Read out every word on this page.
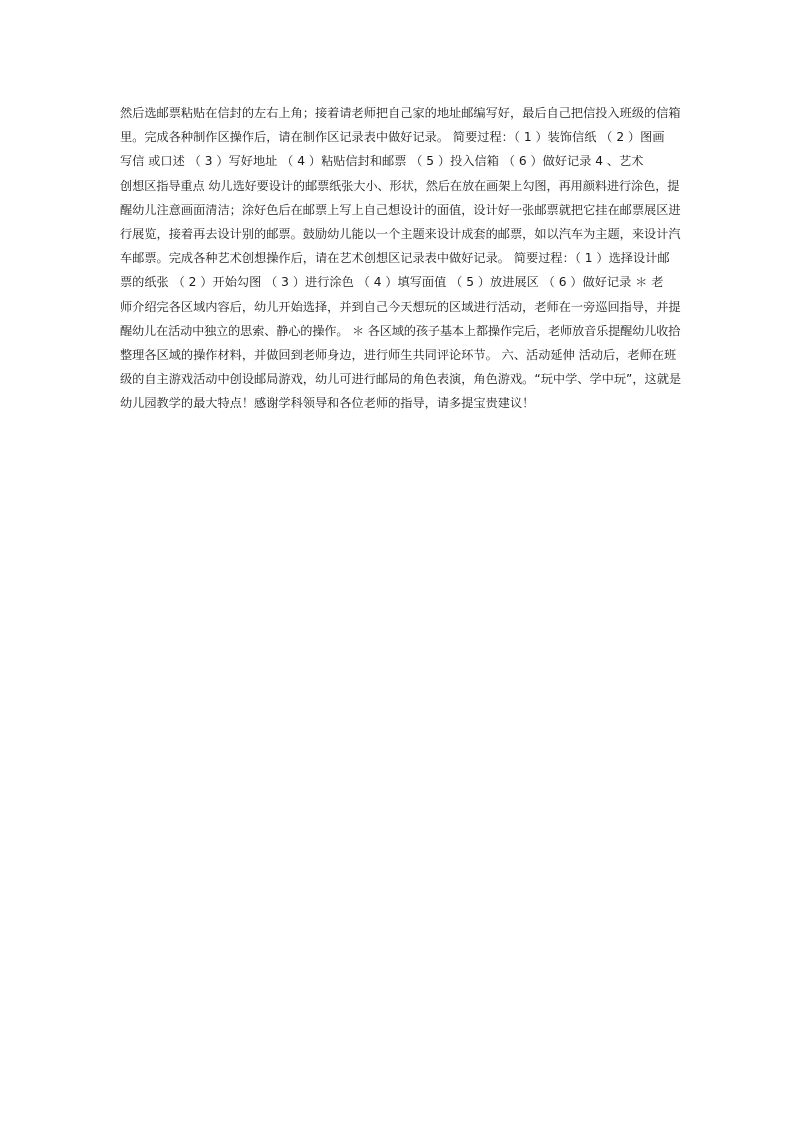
然后选邮票粘贴在信封的左右上角；接着请老师把自己家的地址邮编写好，最后自己把信投入班级的信箱
里。完成各种制作区操作后，请在制作区记录表中做好记录。 简要过程：（ 1 ）装饰信纸 （ 2 ）图画
写信 或口述 （ 3 ）写好地址 （ 4 ）粘贴信封和邮票 （ 5 ）投入信箱 （ 6 ）做好记录 4 、艺术
创想区指导重点 幼儿选好要设计的邮票纸张大小、形状，然后在放在画架上勾图，再用颜料进行涂色，提
醒幼儿注意画面清洁；涂好色后在邮票上写上自己想设计的面值，设计好一张邮票就把它挂在邮票展区进
行展览，接着再去设计别的邮票。鼓励幼儿能以一个主题来设计成套的邮票，如以汽车为主题，来设计汽
车邮票。完成各种艺术创想操作后，请在艺术创想区记录表中做好记录。 简要过程：（ 1 ）选择设计邮
票的纸张 （ 2 ）开始勾图 （ 3 ）进行涂色 （ 4 ）填写面值 （ 5 ）放进展区 （ 6 ）做好记录 ＊ 老
师介绍完各区域内容后，幼儿开始选择，并到自己今天想玩的区域进行活动，老师在一旁巡回指导，并提
醒幼儿在活动中独立的思索、静心的操作。 ＊ 各区域的孩子基本上都操作完后，老师放音乐提醒幼儿收拾
整理各区域的操作材料，并做回到老师身边，进行师生共同评论环节。 六、活动延伸 活动后，老师在班
级的自主游戏活动中创设邮局游戏，幼儿可进行邮局的角色表演，角色游戏。“玩中学、学中玩”，这就是
幼儿园教学的最大特点！感谢学科领导和各位老师的指导，请多提宝贵建议！
